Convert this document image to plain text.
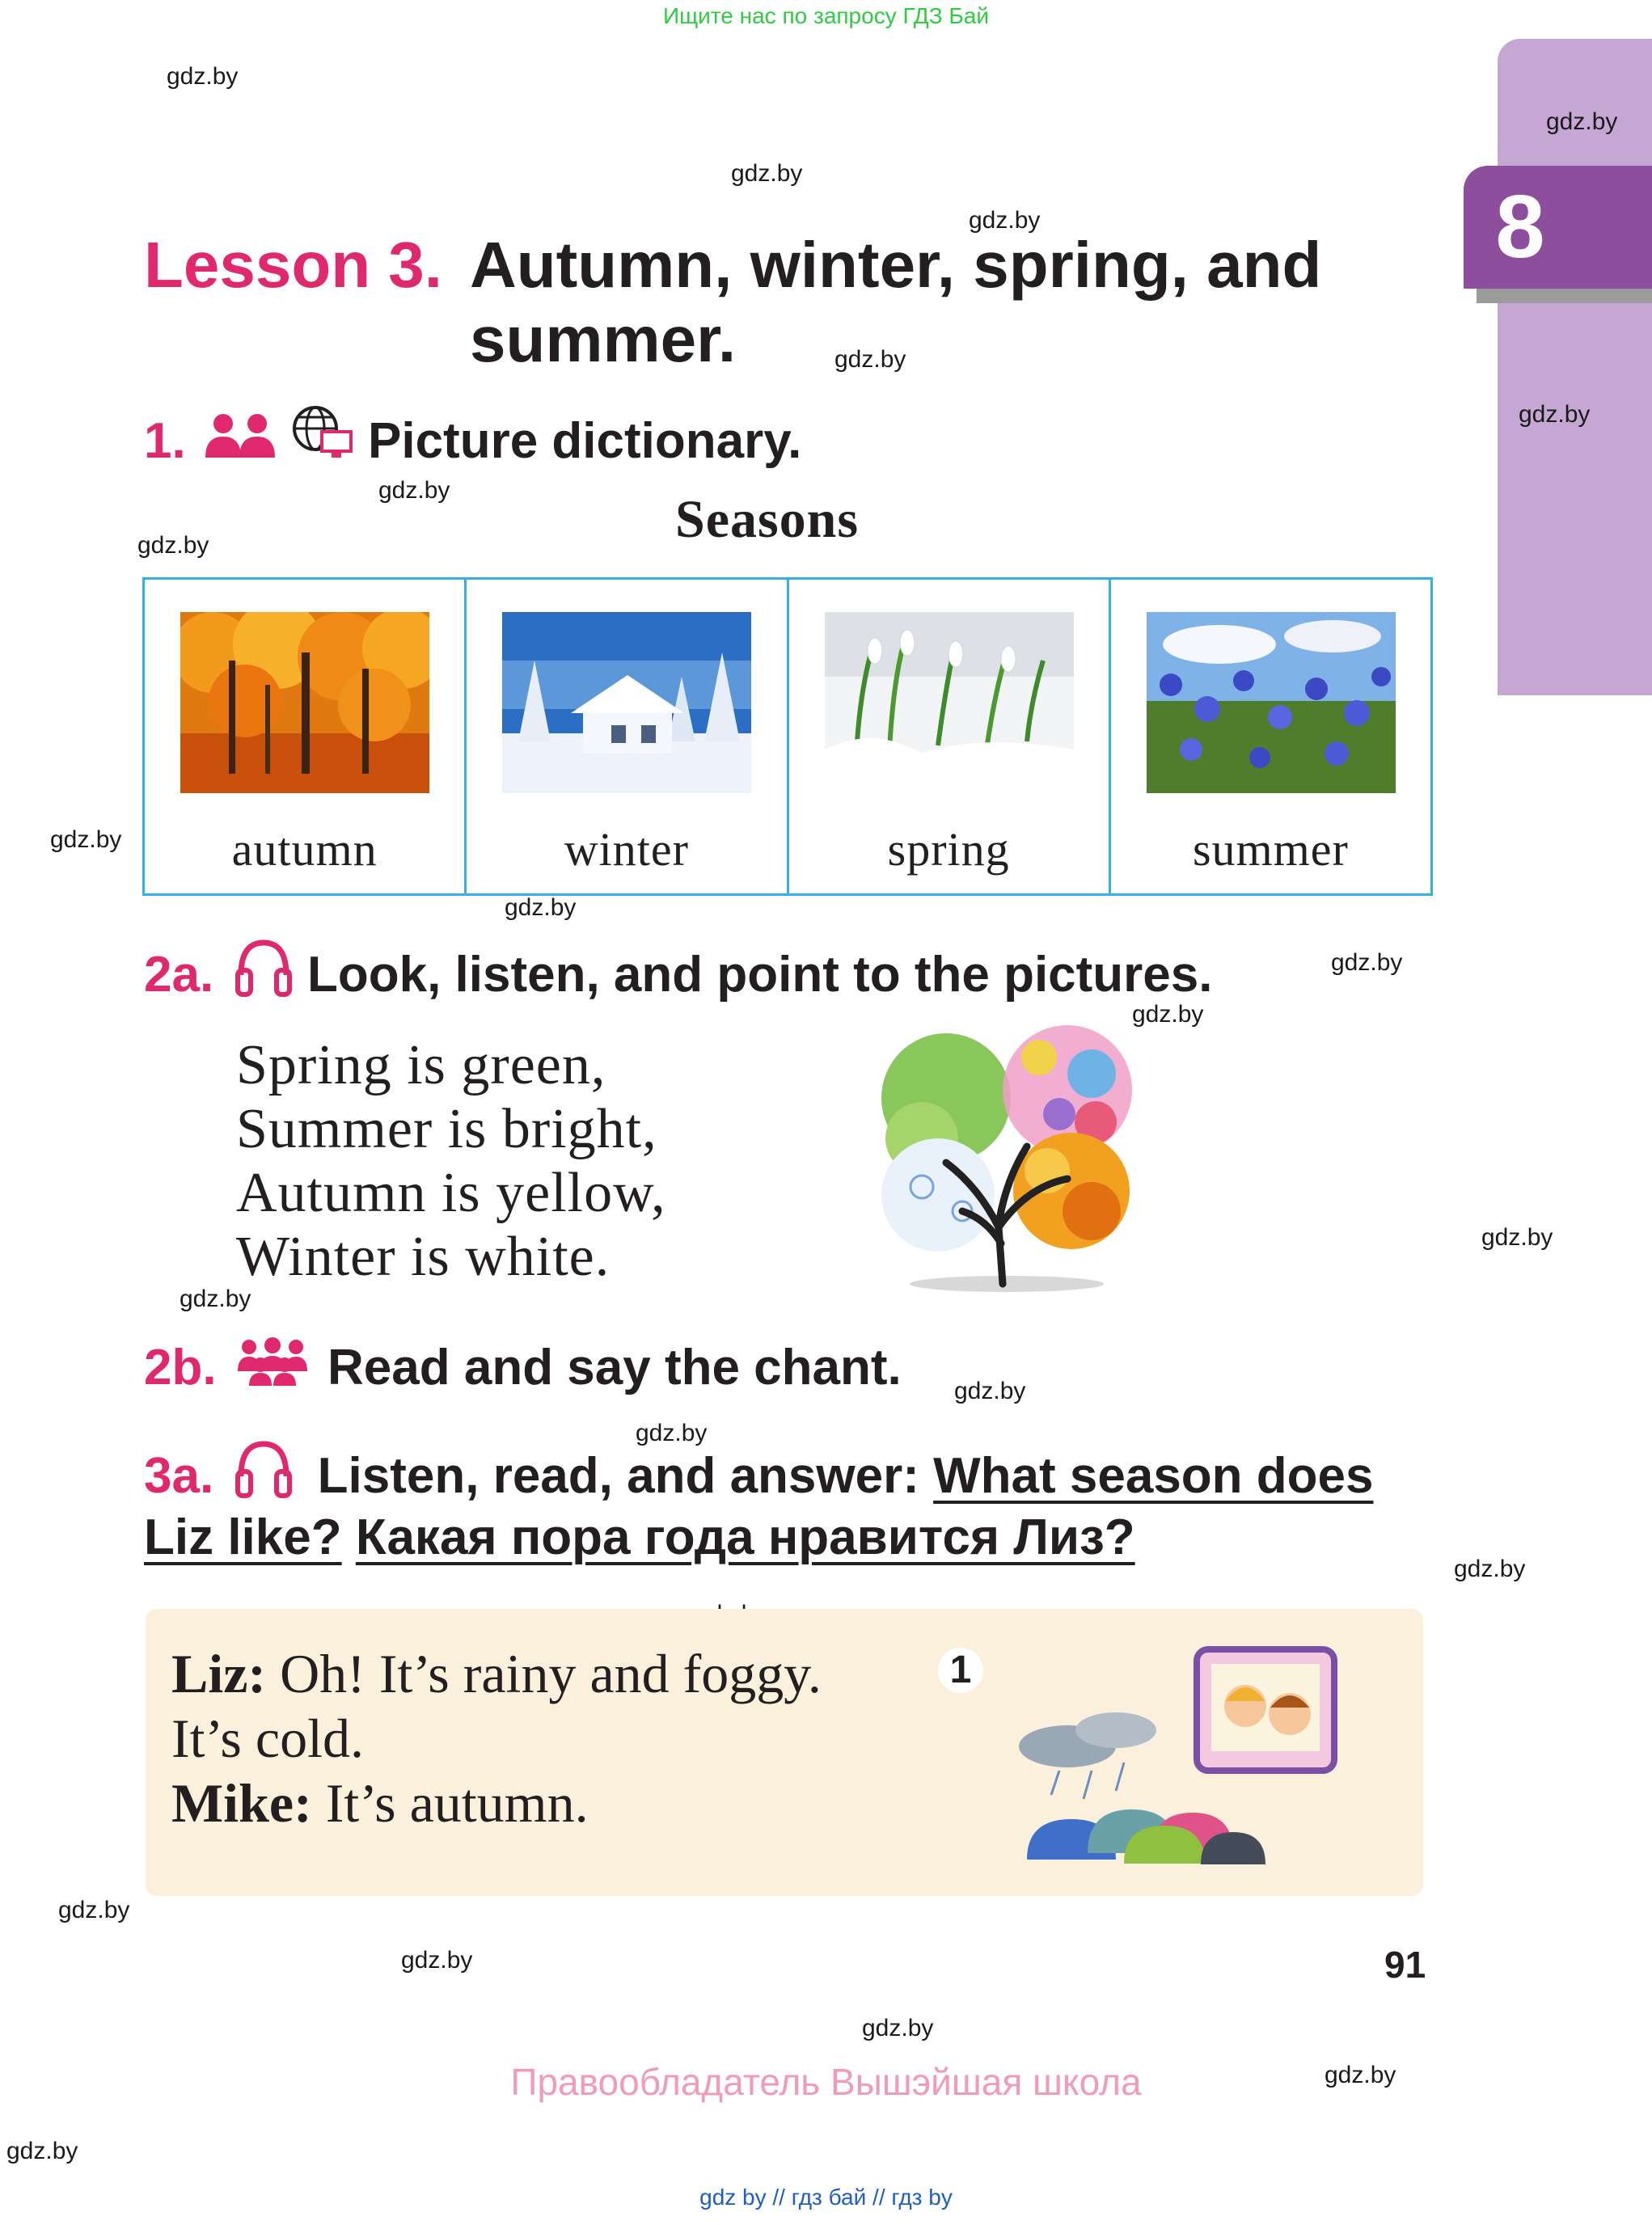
Ищите нас по запросу ГДЗ Бай
8
gdz.by
gdz.by
gdz.by
gdz.by
gdz.by
gdz.by
gdz.by
gdz.by
gdz.by
gdz.by
gdz.by
gdz.by
gdz.by
gdz.by
gdz.by
gdz.by
gdz.by
gdz.by
gdz.by
gdz.by
gdz.by
gdz.by
Lesson 3. Autumn, winter, spring, and
summer.
1.	Picture dictionary.
Seasons
autumn	winter	spring	summer
2a. Look, listen, and point to the pictures.
Spring is green,
Summer is bright,
Autumn is yellow,
Winter is white.
2b. Read and say the chant.
3a. Listen, read, and answer: What season does
Liz like? Какая пора года нравится Лиз?
Liz: Oh! It’s rainy and foggy.
It’s cold.
Mike: It’s autumn.
1
91
Правообладатель Вышэйшая школа
gdz by // гдз бай // гдз by
